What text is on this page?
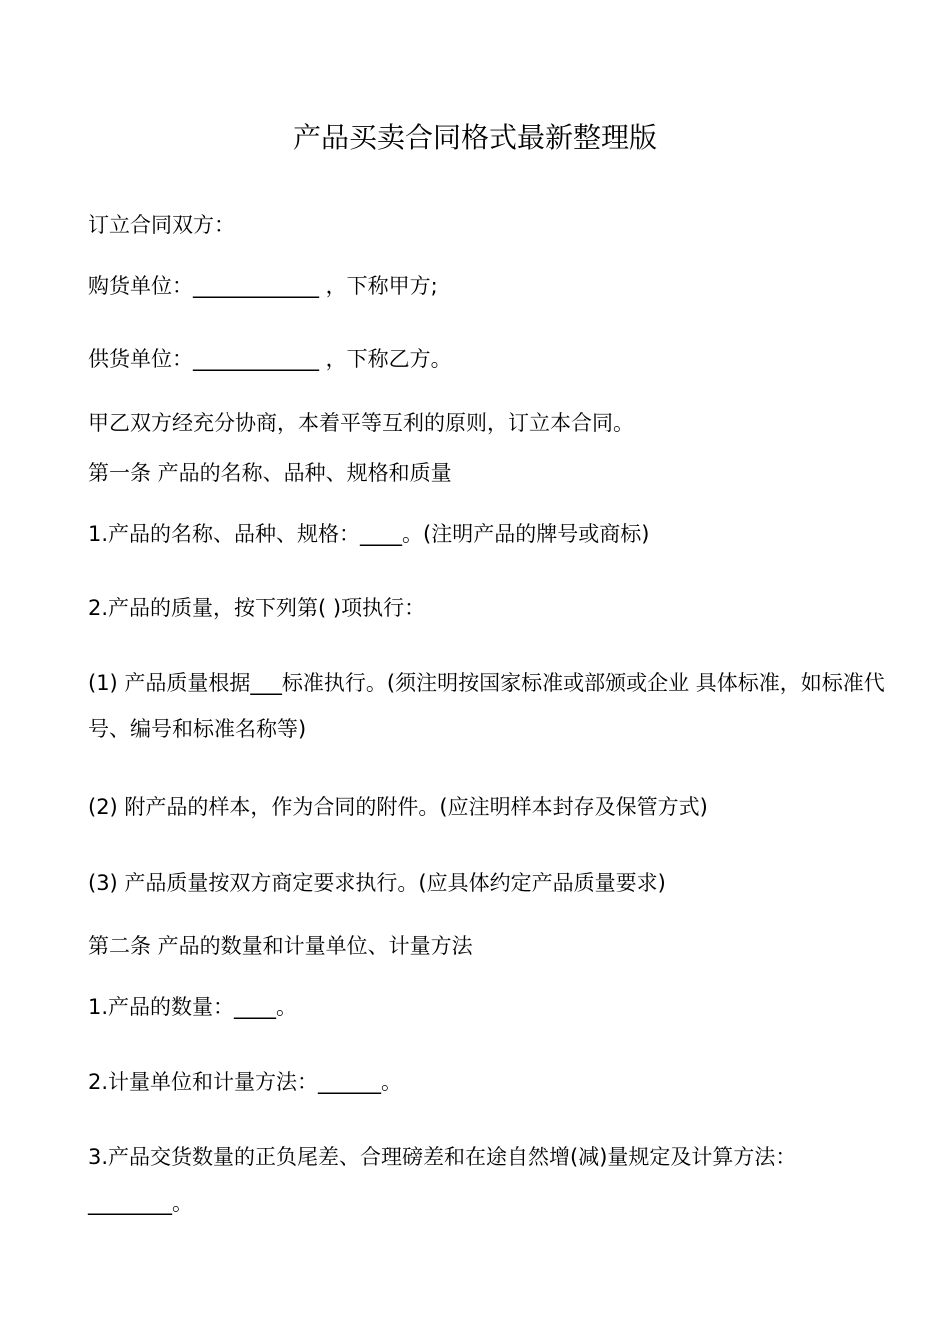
产品买卖合同格式最新整理版

订立合同双方：

购货单位：____________ ，下称甲方;

供货单位：____________ ，下称乙方。

甲乙双方经充分协商，本着平等互利的原则，订立本合同。

第一条 产品的名称、品种、规格和质量

1.产品的名称、品种、规格：____。(注明产品的牌号或商标)

2.产品的质量，按下列第( )项执行：

(1) 产品质量根据___标准执行。(须注明按国家标准或部颁或企业 具体标准，如标准代号、编号和标准名称等)

(2) 附产品的样本，作为合同的附件。(应注明样本封存及保管方式)

(3) 产品质量按双方商定要求执行。(应具体约定产品质量要求)

第二条 产品的数量和计量单位、计量方法

1.产品的数量：____。

2.计量单位和计量方法：______。

3.产品交货数量的正负尾差、合理磅差和在途自然增(减)量规定及计算方法：________。
